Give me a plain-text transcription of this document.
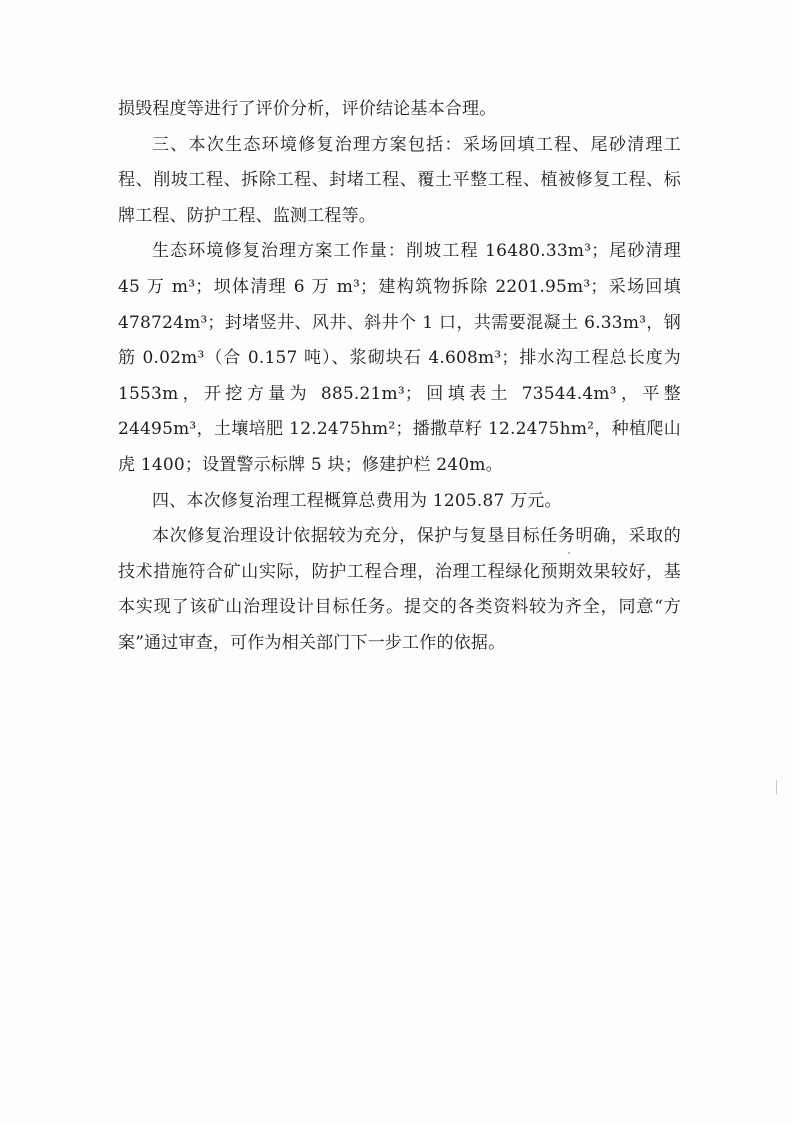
损毁程度等进行了评价分析，评价结论基本合理。

三、本次生态环境修复治理方案包括：采场回填工程、尾砂清理工程、削坡工程、拆除工程、封堵工程、覆土平整工程、植被修复工程、标牌工程、防护工程、监测工程等。

生态环境修复治理方案工作量：削坡工程 16480.33m³；尾砂清理45 万 m³；坝体清理 6 万 m³；建构筑物拆除 2201.95m³；采场回填478724m³；封堵竖井、风井、斜井个 1 口，共需要混凝土 6.33m³，钢筋 0.02m³（合 0.157 吨）、浆砌块石 4.608m³；排水沟工程总长度为 1553m，开挖方量为 885.21m³；回填表土 73544.4m³，平整 24495m³，土壤培肥 12.2475hm²；播撒草籽 12.2475hm²，种植爬山虎 1400；设置警示标牌 5 块；修建护栏 240m。

四、本次修复治理工程概算总费用为 1205.87 万元。

本次修复治理设计依据较为充分，保护与复垦目标任务明确，采取的技术措施符合矿山实际，防护工程合理，治理工程绿化预期效果较好，基本实现了该矿山治理设计目标任务。提交的各类资料较为齐全，同意“方案”通过审查，可作为相关部门下一步工作的依据。
